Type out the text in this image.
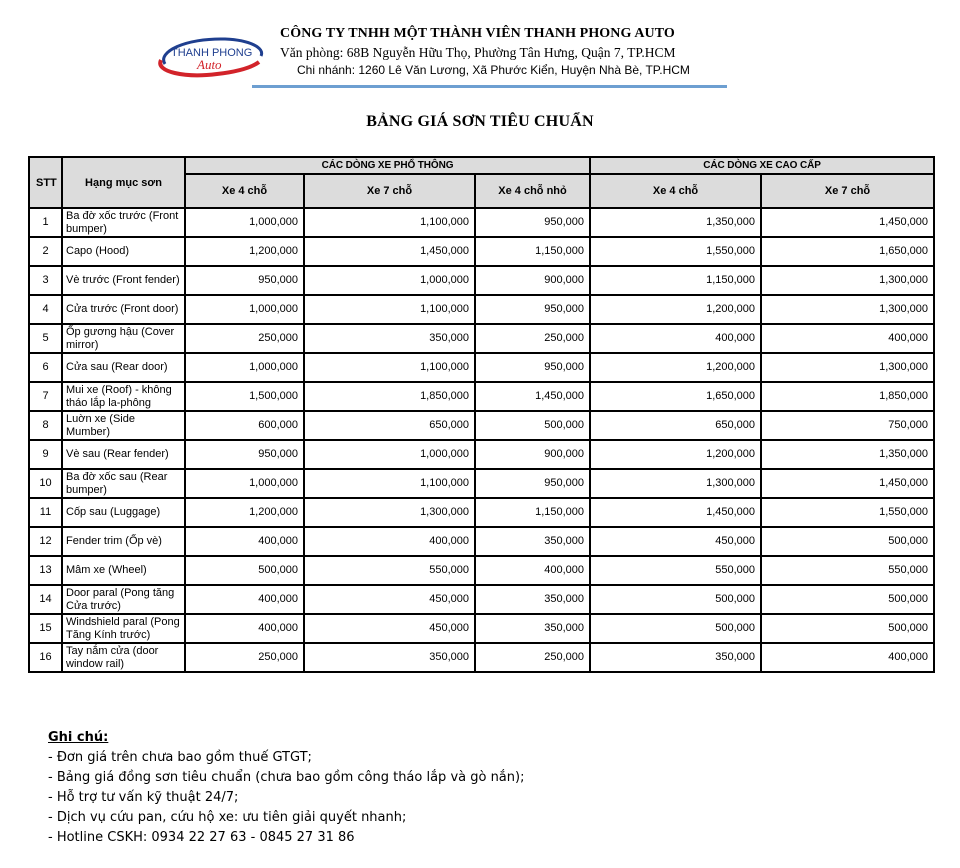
THANH PHONG
Auto
CÔNG TY TNHH MỘT THÀNH VIÊN THANH PHONG AUTO
Văn phòng: 68B Nguyễn Hữu Thọ, Phường Tân Hưng, Quận 7, TP.HCM
Chi nhánh: 1260 Lê Văn Lương, Xã Phước Kiển, Huyện Nhà Bè, TP.HCM
BẢNG GIÁ SƠN TIÊU CHUẨN
STT	Hạng mục sơn	CÁC DÒNG XE PHỔ THÔNG			CÁC DÒNG XE CAO CẤP	
		Xe 4 chỗ	Xe 7 chỗ	Xe 4 chỗ nhỏ	Xe 4 chỗ	Xe 7 chỗ
1	Ba đờ xốc trước (Front bumper)	1,000,000	1,100,000	950,000	1,350,000	1,450,000
2	Capo (Hood)	1,200,000	1,450,000	1,150,000	1,550,000	1,650,000
3	Vè trước (Front fender)	950,000	1,000,000	900,000	1,150,000	1,300,000
4	Cửa trước (Front door)	1,000,000	1,100,000	950,000	1,200,000	1,300,000
5	Ốp gương hậu (Cover mirror)	250,000	350,000	250,000	400,000	400,000
6	Cửa sau (Rear door)	1,000,000	1,100,000	950,000	1,200,000	1,300,000
7	Mui xe (Roof) - không tháo lắp la-phông	1,500,000	1,850,000	1,450,000	1,650,000	1,850,000
8	Luờn xe (Side Mumber)	600,000	650,000	500,000	650,000	750,000
9	Vè sau (Rear fender)	950,000	1,000,000	900,000	1,200,000	1,350,000
10	Ba đờ xốc sau (Rear bumper)	1,000,000	1,100,000	950,000	1,300,000	1,450,000
11	Cốp sau (Luggage)	1,200,000	1,300,000	1,150,000	1,450,000	1,550,000
12	Fender trim (Ốp vè)	400,000	400,000	350,000	450,000	500,000
13	Mâm xe (Wheel)	500,000	550,000	400,000	550,000	550,000
14	Door paral (Pong tăng Cửa trước)	400,000	450,000	350,000	500,000	500,000
15	Windshield paral (Pong Tăng Kính trước)	400,000	450,000	350,000	500,000	500,000
16	Tay nắm cửa (door window rail)	250,000	350,000	250,000	350,000	400,000
Ghi chú:
- Đơn giá trên chưa bao gồm thuế GTGT;
- Bảng giá đồng sơn tiêu chuẩn (chưa bao gồm công tháo lắp và gò nắn);
- Hỗ trợ tư vấn kỹ thuật 24/7;
- Dịch vụ cứu pan, cứu hộ xe: ưu tiên giải quyết nhanh;
- Hotline CSKH: 0934 22 27 63 - 0845 27 31 86
